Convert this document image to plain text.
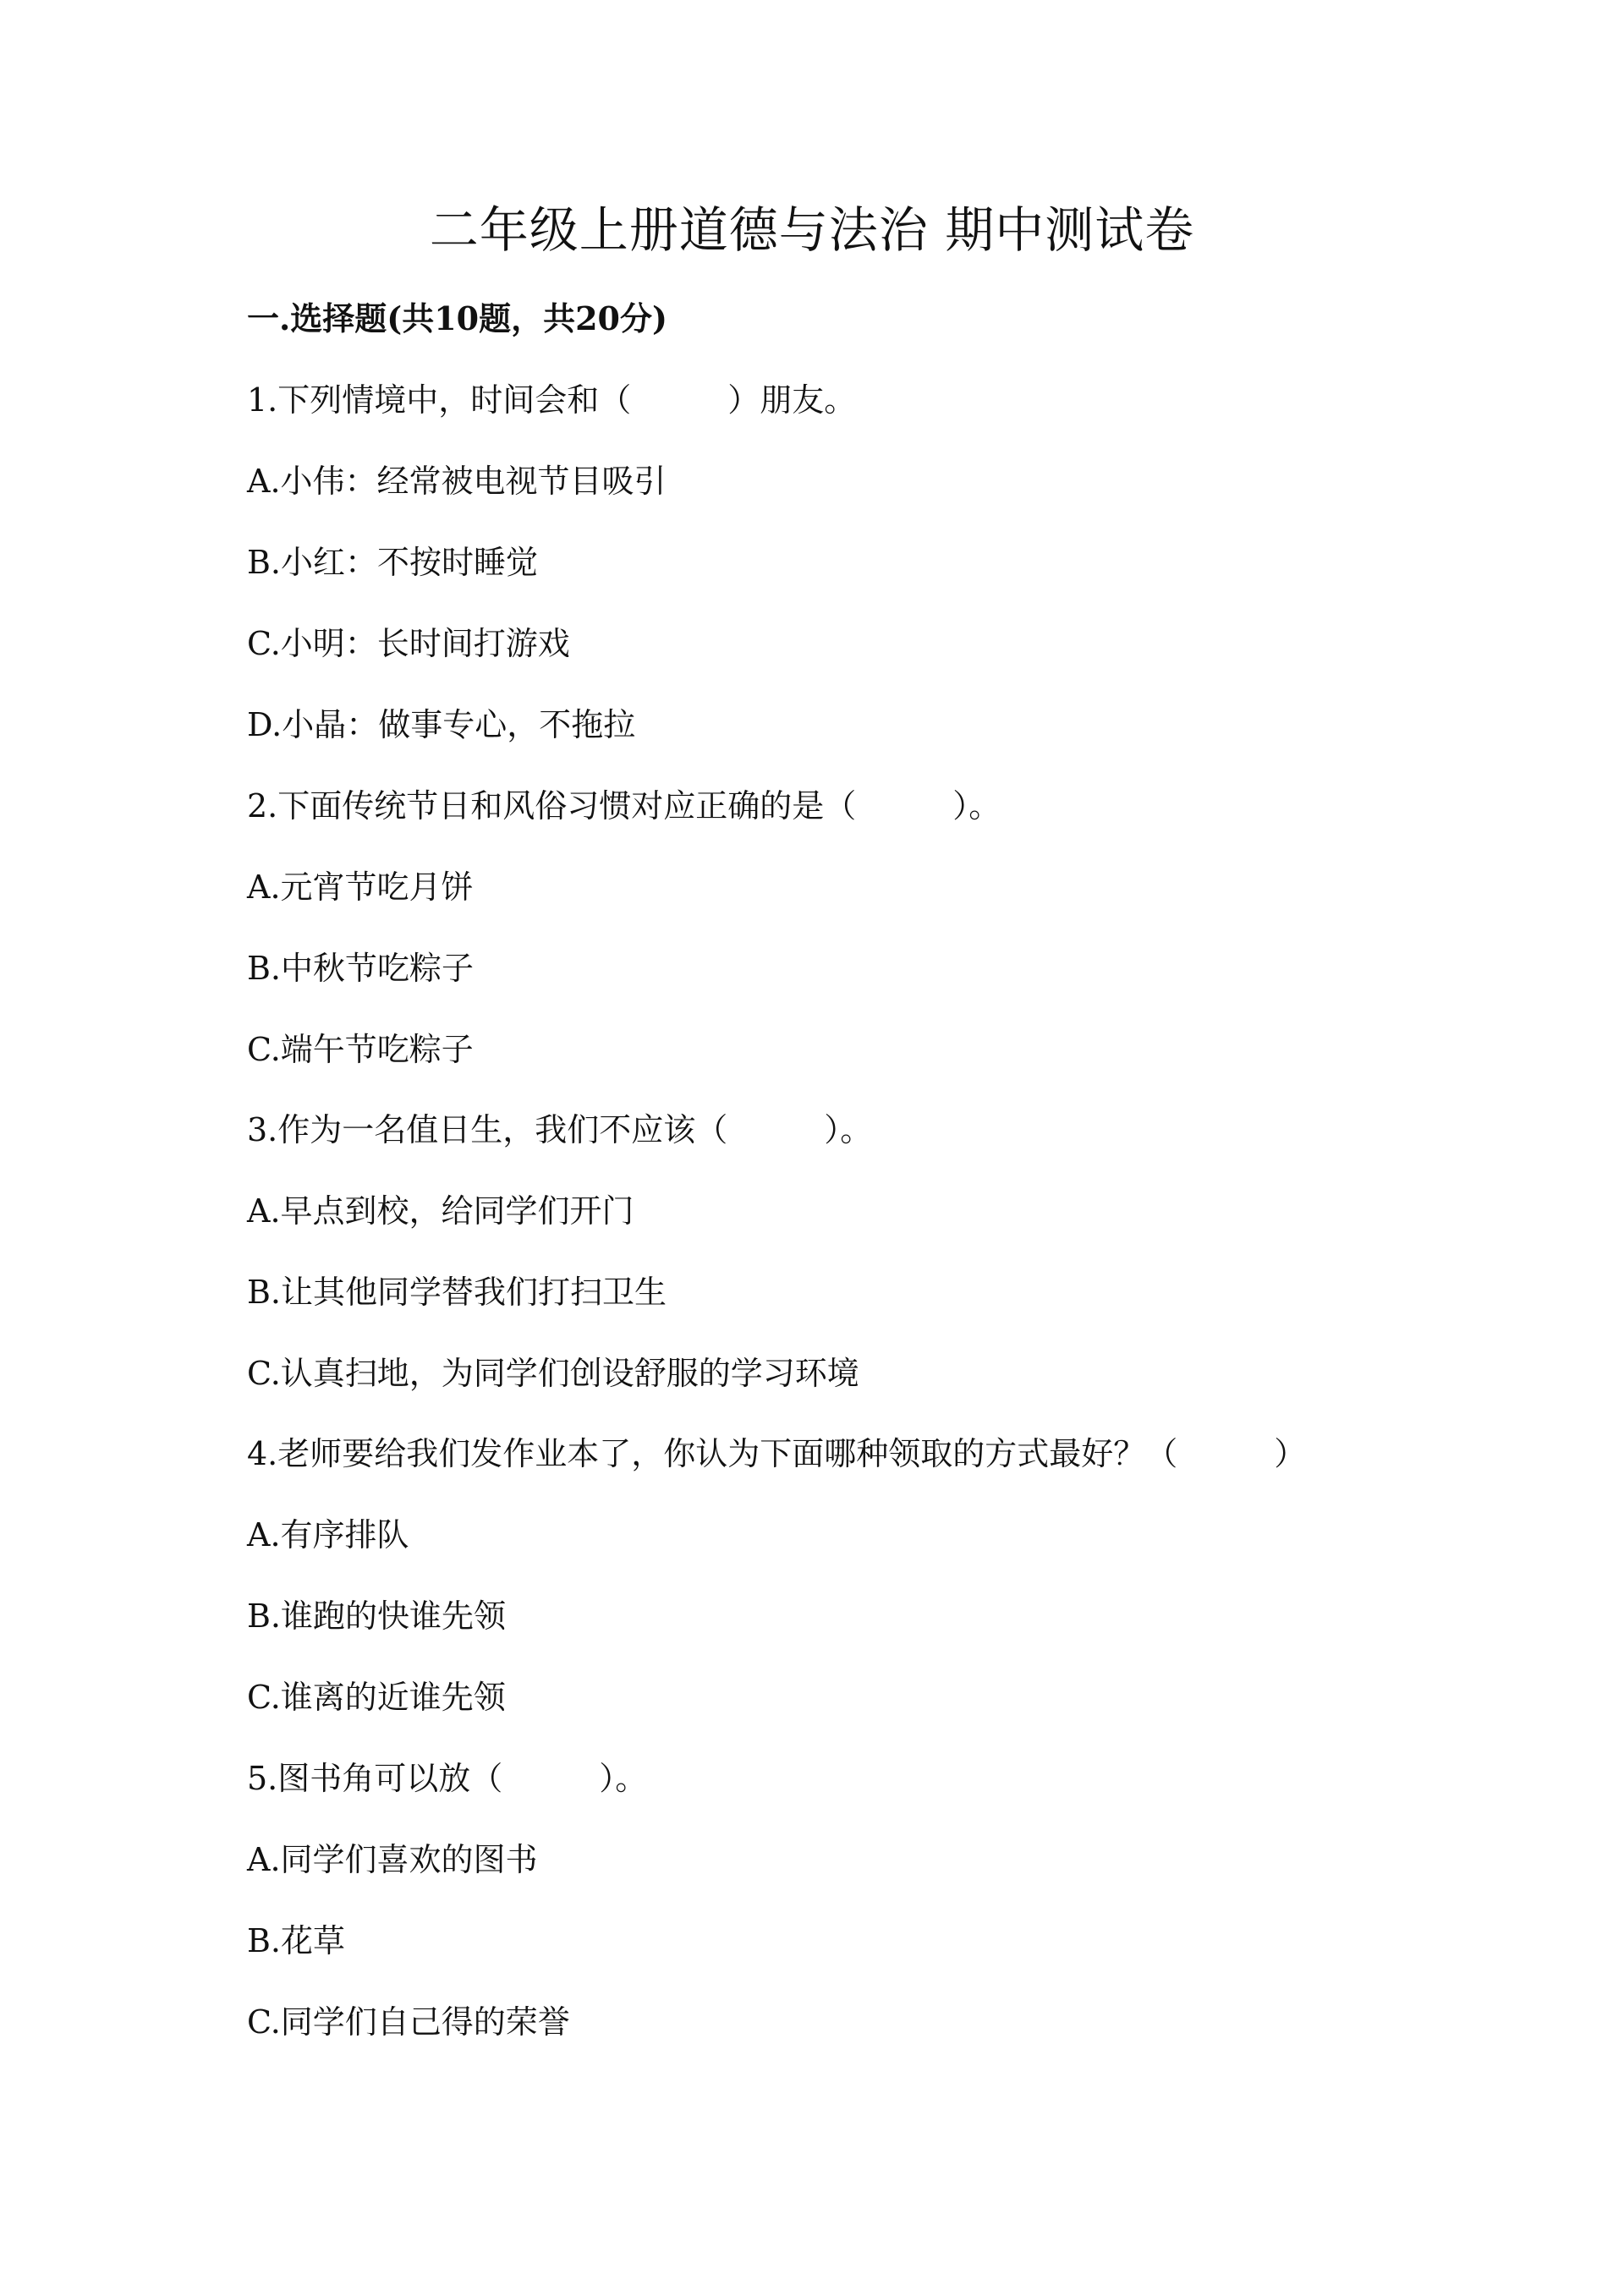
二年级上册道德与法治 期中测试卷
一.选择题(共10题，共20分)
1.下列情境中，时间会和（　　　）朋友。
A.小伟：经常被电视节目吸引
B.小红：不按时睡觉
C.小明：长时间打游戏
D.小晶：做事专心，不拖拉
2.下面传统节日和风俗习惯对应正确的是（　　　）。
A.元宵节吃月饼
B.中秋节吃粽子
C.端午节吃粽子
3.作为一名值日生，我们不应该（　　　）。
A.早点到校，给同学们开门
B.让其他同学替我们打扫卫生
C.认真扫地，为同学们创设舒服的学习环境
4.老师要给我们发作业本了，你认为下面哪种领取的方式最好？（　　　）
A.有序排队
B.谁跑的快谁先领
C.谁离的近谁先领
5.图书角可以放（　　　）。
A.同学们喜欢的图书
B.花草
C.同学们自己得的荣誉
